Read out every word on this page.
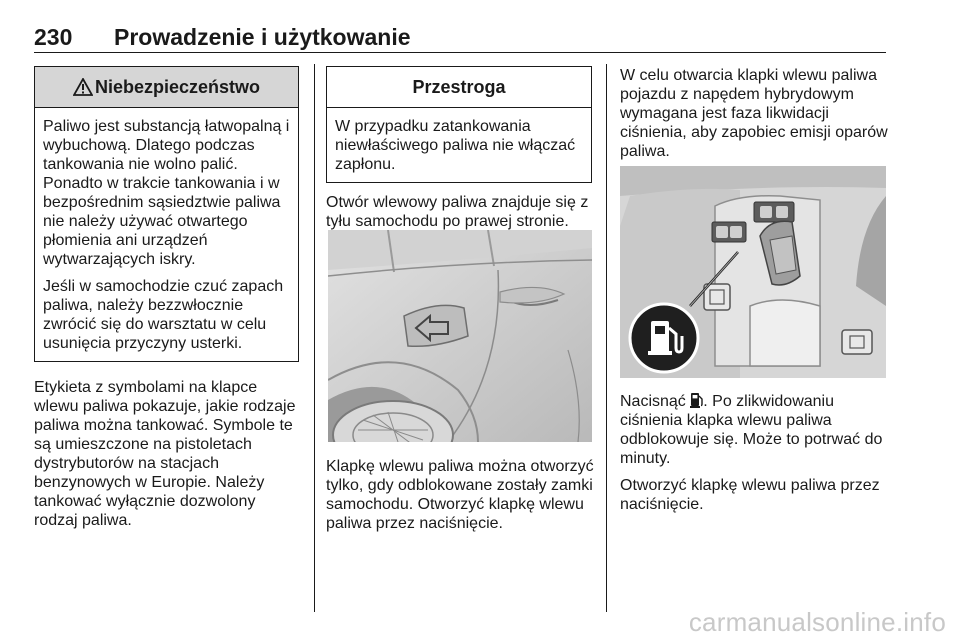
230 Prowadzenie i użytkowanie
Niebezpieczeństwo

Paliwo jest substancją łatwopalną i wybuchową. Dlatego podczas tankowania nie wolno palić. Ponadto w trakcie tankowania i w bezpośrednim sąsiedztwie paliwa nie należy używać otwartego płomienia ani urządzeń wytwarzających iskry.

Jeśli w samochodzie czuć zapach paliwa, należy bezzwłocznie zwrócić się do warsztatu w celu usunięcia przyczyny usterki.

Etykieta z symbolami na klapce wlewu paliwa pokazuje, jakie rodzaje paliwa można tankować. Symbole te są umieszczone na pistoletach dystrybutorów na stacjach benzynowych w Europie. Należy tankować wyłącznie dozwolony rodzaj paliwa.

Przestroga

W przypadku zatankowania niewłaściwego paliwa nie włączać zapłonu.

Otwór wlewowy paliwa znajduje się z tyłu samochodu po prawej stronie.

Klapkę wlewu paliwa można otworzyć tylko, gdy odblokowane zostały zamki samochodu. Otworzyć klapkę wlewu paliwa przez naciśnięcie.

W celu otwarcia klapki wlewu paliwa pojazdu z napędem hybrydowym wymagana jest faza likwidacji ciśnienia, aby zapobiec emisji oparów paliwa.

Nacisnąć . Po zlikwidowaniu ciśnienia klapka wlewu paliwa odblokowuje się. Może to potrwać do minuty.

Otworzyć klapkę wlewu paliwa przez naciśnięcie.

carmanualsonline.info
